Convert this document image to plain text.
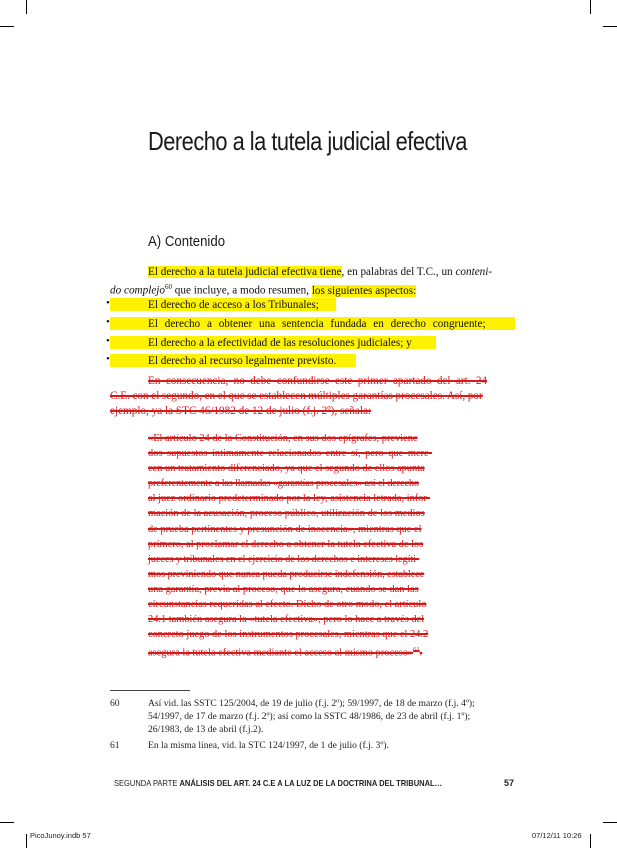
Derecho a la tutela judicial efectiva
A) Contenido
El derecho a la tutela judicial efectiva tiene, en palabras del T.C., un conteni-
do complejo$^{60}$ que incluye, a modo resumen, los siguientes aspectos:
•
•
•
•
El derecho de acceso a los Tribunales;
El derecho a obtener una sentencia fundada en derecho congruente;
El derecho a la efectividad de las resoluciones judiciales; y
El derecho al recurso legalmente previsto.
En consecuencia, no debe confundirse este primer apartado del art. 24
C.E. con el segundo, en el que se establecen múltiples garantías procesales. Así, por
ejemplo, ya la STC 46/1982 de 12 de julio (f.j. 2º), señala:
«El artículo 24 de la Constitución, en sus dos epígrafes, previene
dos supuestos íntimamente relacionados entre sí, pero que mere-
cen un tratamiento diferenciado, ya que el segundo de ellos apunta
preferentemente a las llamadas «garantías procesales» así el derecho
al juez ordinario predeterminado por la ley, asistencia letrada, infor-
mación de la acusación, proceso público, utilización de los medios
de prueba pertinentes y presunción de inocencia», mientras que el
primero, al proclamar el derecho a obtener la tutela efectiva de los
jueces y tribunales en el ejercicio de los derechos e intereses legíti-
mos previniendo que nunca pueda producirse indefensión, establece
una garantía, previa al proceso, que lo asegura, cuando se dan las
circunstancias requeridas al efecto. Dicho de otro modo, el artículo
24.1 también asegura la «tutela efectiva», pero lo hace a través del
concreto juego de los instrumentos procesales, mientras que el 24.2
asegura la tutela efectiva mediante el acceso al mismo proceso»$^{61}$.
60	Así vid. las SSTC 125/2004, de 19 de julio (f.j. 2º); 59/1997, de 18 de marzo (f.j. 4º);
54/1997, de 17 de marzo (f.j. 2º); así como la SSTC 48/1986, de 23 de abril (f.j. 1º);
26/1983, de 13 de abril (f.j.2).
61	En la misma línea, vid. la STC 124/1997, de 1 de julio (f.j. 3º).
SEGUNDA PARTE ANÁLISIS DEL ART. 24 C.E A LA LUZ DE LA DOCTRINA DEL TRIBUNAL…	57
PicoJunoy.indb 57	07/12/11 10:26
